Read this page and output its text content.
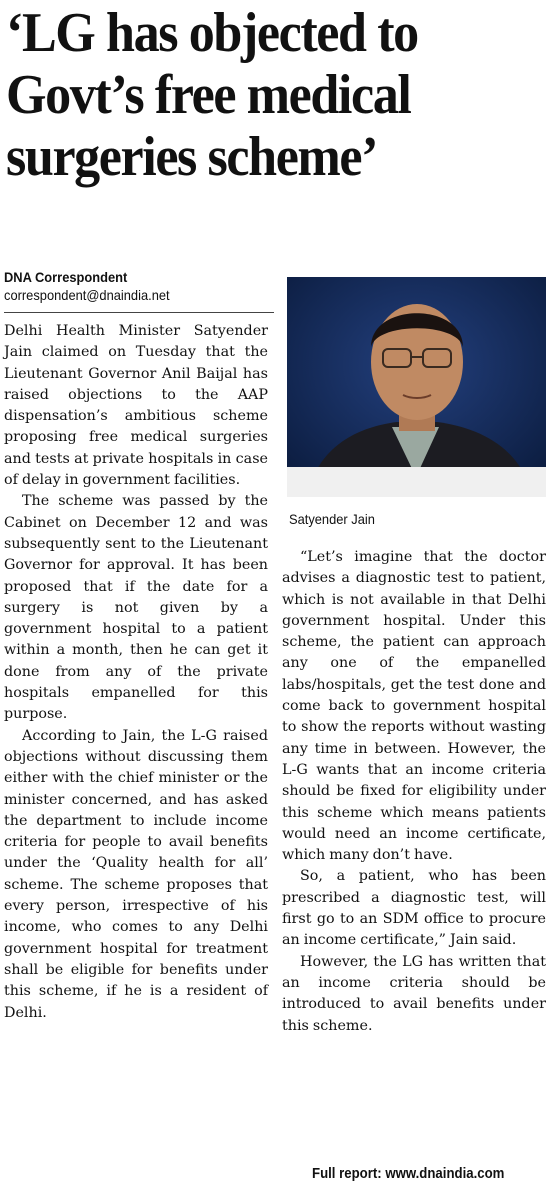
‘LG has objected to
Govt’s free medical
surgeries scheme’
DNA Correspondent
correspondent@dnaindia.net

Delhi Health Minister Satyender Jain claimed on Tuesday that the Lieutenant Governor Anil Baijal has raised objections to the AAP dispensation’s ambitious scheme proposing free medical surgeries and tests at private hospitals in case of delay in government facilities.

The scheme was passed by the Cabinet on December 12 and was subsequently sent to the Lieutenant Governor for approval. It has been proposed that if the date for a surgery is not given by a government hospital to a patient within a month, then he can get it done from any of the private hospitals empanelled for this purpose.

According to Jain, the L-G raised objections without discussing them either with the chief minister or the minister concerned, and has asked the department to include income criteria for people to avail benefits under the ‘Quality health for all’ scheme. The scheme proposes that every person, irrespective of his income, who comes to any Delhi government hospital for treatment shall be eligible for benefits under this scheme, if he is a resident of Delhi.

Satyender Jain

“Let’s imagine that the doctor advises a diagnostic test to patient, which is not available in that Delhi government hospital. Under this scheme, the patient can approach any one of the empanelled labs/hospitals, get the test done and come back to government hospital to show the reports without wasting any time in between. However, the L-G wants that an income criteria should be fixed for eligibility under this scheme which means patients would need an income certificate, which many don’t have.

So, a patient, who has been prescribed a diagnostic test, will first go to an SDM office to procure an income certificate,” Jain said.

However, the LG has written that an income criteria should be introduced to avail benefits under this scheme.

Full report: www.dnaindia.com
